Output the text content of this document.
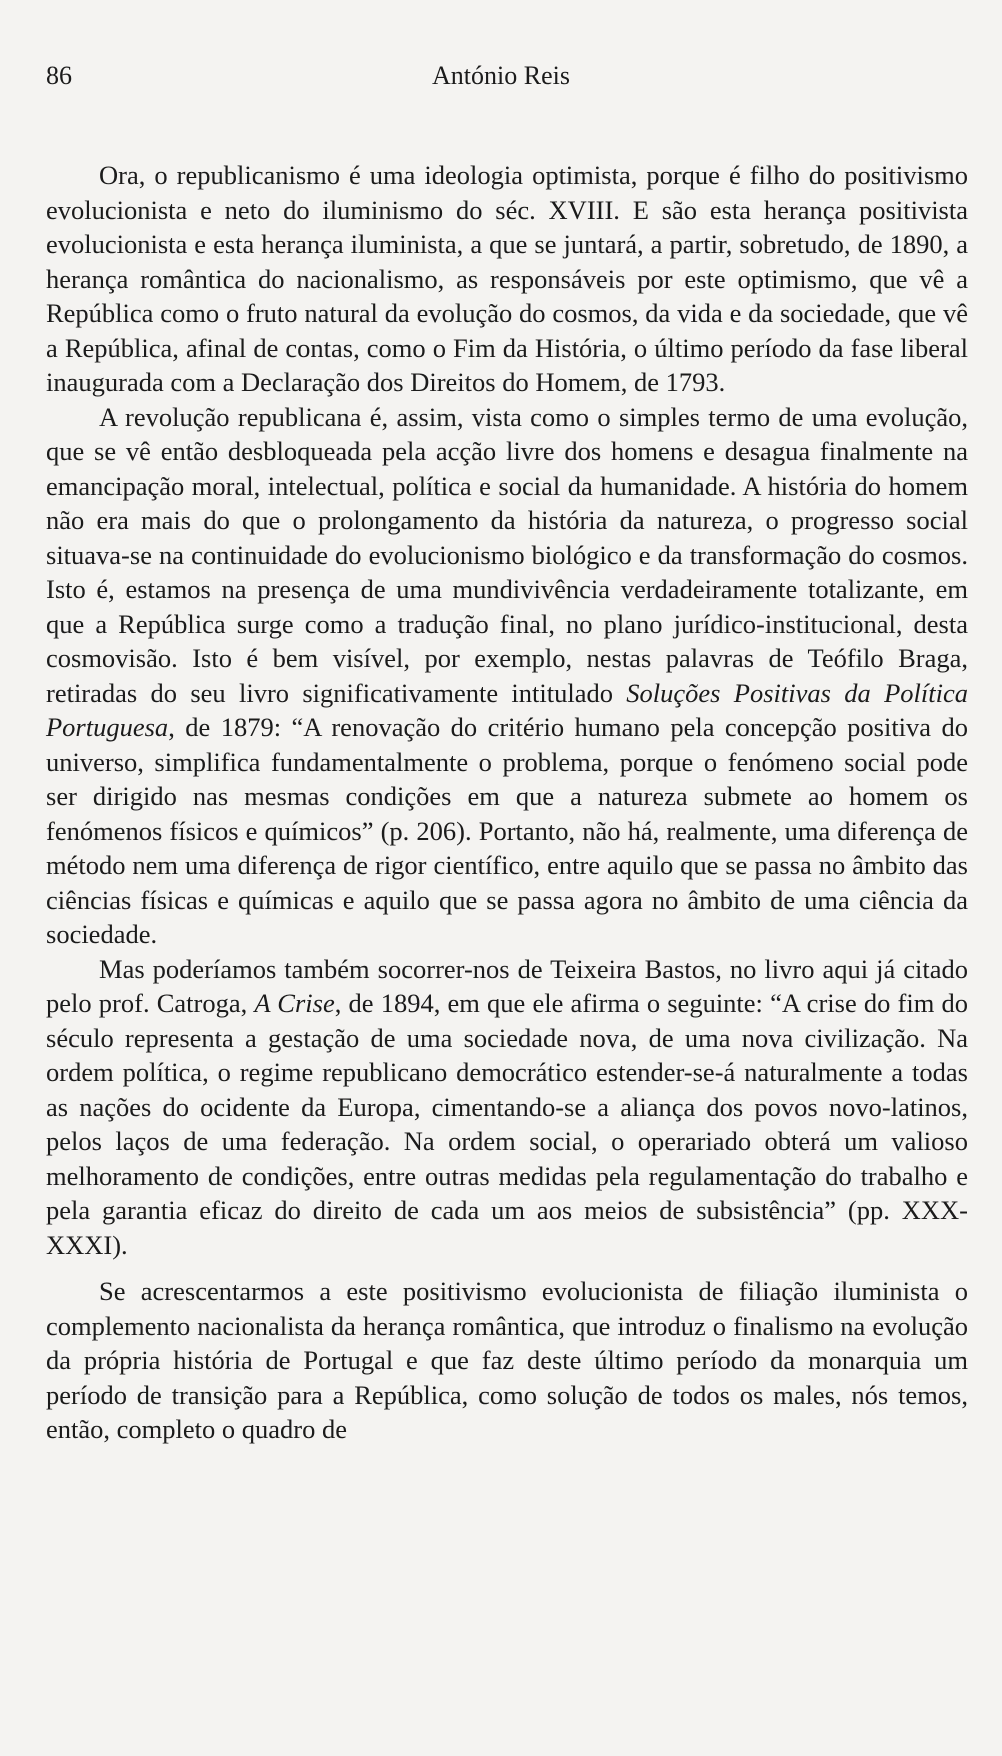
86	António Reis

Ora, o republicanismo é uma ideologia optimista, porque é filho do positivismo evolucionista e neto do iluminismo do séc. XVIII. E são esta herança positivista evolucionista e esta herança iluminista, a que se juntará, a partir, sobretudo, de 1890, a herança romântica do nacionalismo, as responsáveis por este optimismo, que vê a República como o fruto natural da evolução do cosmos, da vida e da sociedade, que vê a República, afinal de contas, como o Fim da História, o último período da fase liberal inaugurada com a Declaração dos Direitos do Homem, de 1793.

A revolução republicana é, assim, vista como o simples termo de uma evolução, que se vê então desbloqueada pela acção livre dos homens e desagua finalmente na emancipação moral, intelectual, política e social da humanidade. A história do homem não era mais do que o prolongamento da história da natureza, o progresso social situava-se na continuidade do evolucionismo biológico e da transformação do cosmos. Isto é, estamos na presença de uma mundivivência verdadeiramente totalizante, em que a República surge como a tradução final, no plano jurídico-institucional, desta cosmovisão. Isto é bem visível, por exemplo, nestas palavras de Teófilo Braga, retiradas do seu livro significativamente intitulado Soluções Positivas da Política Portuguesa, de 1879: “A renovação do critério humano pela concepção positiva do universo, simplifica fundamentalmente o problema, porque o fenómeno social pode ser dirigido nas mesmas condições em que a natureza submete ao homem os fenómenos físicos e químicos” (p. 206). Portanto, não há, realmente, uma diferença de método nem uma diferença de rigor científico, entre aquilo que se passa no âmbito das ciências físicas e químicas e aquilo que se passa agora no âmbito de uma ciência da sociedade.

Mas poderíamos também socorrer-nos de Teixeira Bastos, no livro aqui já citado pelo prof. Catroga, A Crise, de 1894, em que ele afirma o seguinte: “A crise do fim do século representa a gestação de uma sociedade nova, de uma nova civilização. Na ordem política, o regime republicano democrático estender-se-á naturalmente a todas as nações do ocidente da Europa, cimentando-se a aliança dos povos novo-latinos, pelos laços de uma federação. Na ordem social, o operariado obterá um valioso melhoramento de condições, entre outras medidas pela regulamentação do trabalho e pela garantia eficaz do direito de cada um aos meios de subsistência” (pp. XXX-XXXI).

Se acrescentarmos a este positivismo evolucionista de filiação iluminista o complemento nacionalista da herança romântica, que introduz o finalismo na evolução da própria história de Portugal e que faz deste último período da monarquia um período de transição para a República, como solução de todos os males, nós temos, então, completo o quadro de
